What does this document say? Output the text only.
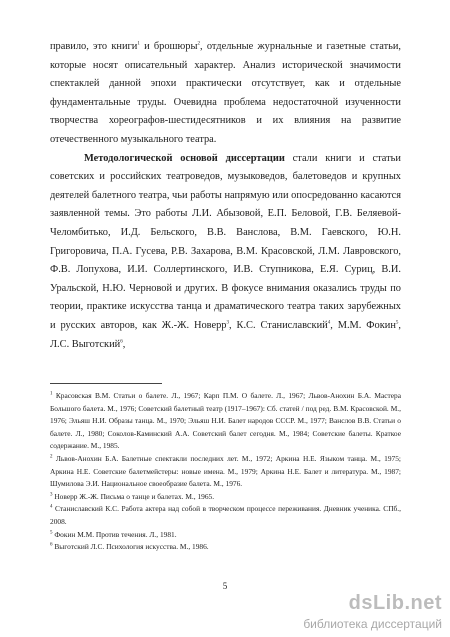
правило, это книги$^1$ и брошюры$^2$, отдельные журнальные и газетные статьи, которые носят описательный характер. Анализ исторической значимости спектаклей данной эпохи практически отсутствует, как и отдельные фундаментальные труды. Очевидна проблема недостаточной изученности творчества хореографов-шестидесятников и их влияния на развитие отечественного музыкального театра.

Методологической основой диссертации стали книги и статьи советских и российских театроведов, музыковедов, балетоведов и крупных деятелей балетного театра, чьи работы напрямую или опосредованно касаются заявленной темы. Это работы Л.И. Абызовой, Е.П. Беловой, Г.В. Беляевой-Челомбитько, И.Д. Бельского, В.В. Ванслова, В.М. Гаевского, Ю.Н. Григоровича, П.А. Гусева, Р.В. Захарова, В.М. Красовской, Л.М. Лавровского, Ф.В. Лопухова, И.И. Соллертинского, И.В. Ступникова, Е.Я. Суриц, В.И. Уральской, Н.Ю. Черновой и других. В фокусе внимания оказались труды по теории, практике искусства танца и драматического театра таких зарубежных и русских авторов, как Ж.-Ж. Новерр$^3$, К.С. Станиславский$^4$, М.М. Фокин$^5$, Л.С. Выготский$^6$,

$^1$ Красовская В.М. Статьи о балете. Л., 1967; Карп П.М. О балете. Л., 1967; Львов-Анохин Б.А. Мастера Большого балета. М., 1976; Советский балетный театр (1917–1967): Сб. статей / под ред. В.М. Красовской. М., 1976; Эльяш Н.И. Образы танца. М., 1970; Эльяш Н.И. Балет народов СССР. М., 1977; Ванслов В.В. Статьи о балете. Л., 1980; Соколов-Каминский А.А. Советский балет сегодня. М., 1984; Советские балеты. Краткое содержание. М., 1985.

$^2$ Львов-Анохин Б.А. Балетные спектакли последних лет. М., 1972; Аркина Н.Е. Языком танца. М., 1975; Аркина Н.Е. Советские балетмейстеры: новые имена. М., 1979; Аркина Н.Е. Балет и литература. М., 1987; Шумилова Э.И. Национальное своеобразие балета. М., 1976.

$^3$ Новерр Ж.-Ж. Письма о танце и балетах. М., 1965.

$^4$ Станиславский К.С. Работа актера над собой в творческом процессе переживания. Дневник ученика. СПб., 2008.

$^5$ Фокин М.М. Против течения. Л., 1981.

$^6$ Выготский Л.С. Психология искусства. М., 1986.

5
dsLib.net
библиотека диссертаций
